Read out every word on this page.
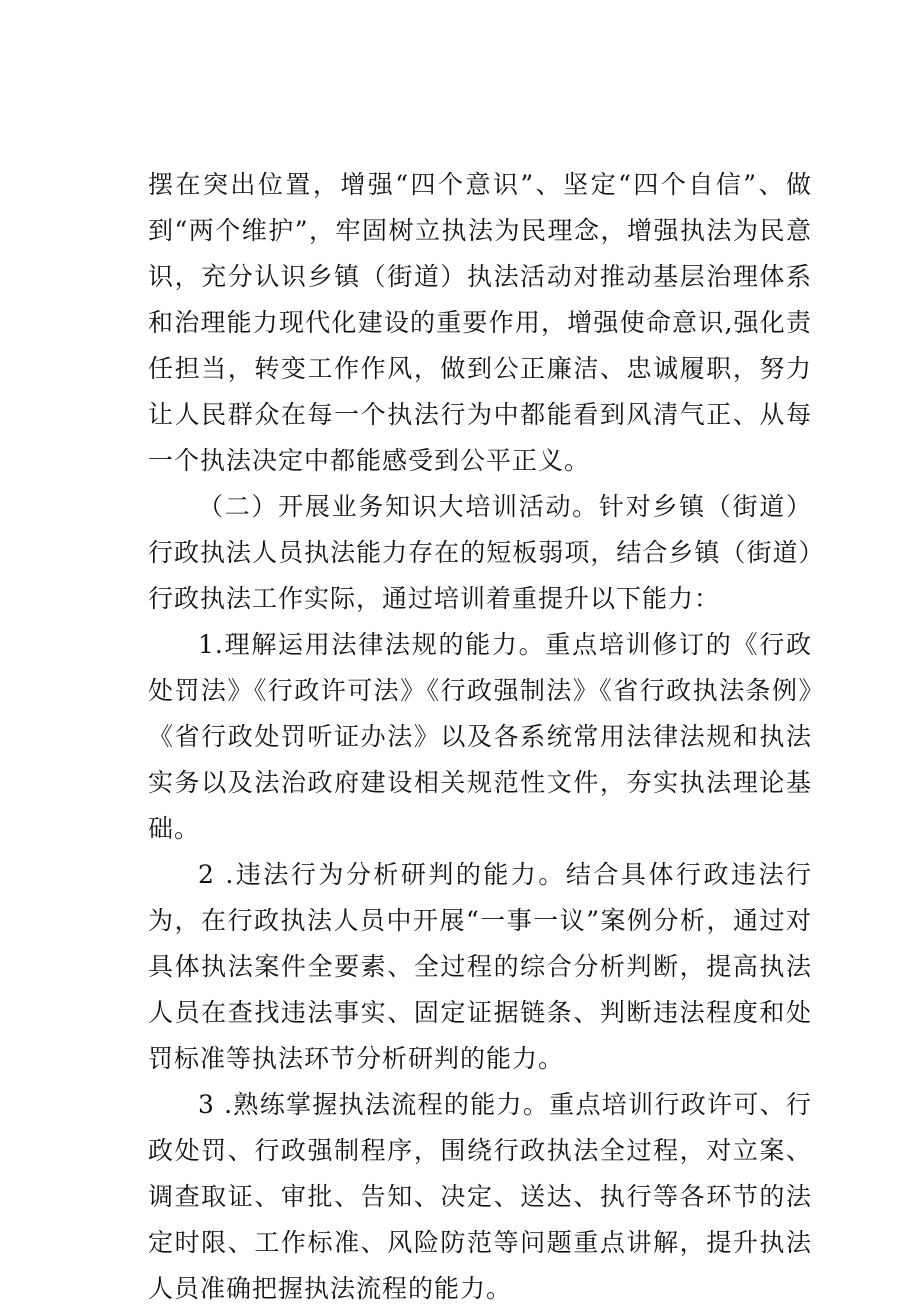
摆在突出位置，增强“四个意识”、坚定“四个自信”、做到“两个维护”，牢固树立执法为民理念，增强执法为民意识，充分认识乡镇（街道）执法活动对推动基层治理体系和治理能力现代化建设的重要作用，增强使命意识,强化责任担当，转变工作作风，做到公正廉洁、忠诚履职，努力让人民群众在每一个执法行为中都能看到风清气正、从每一个执法决定中都能感受到公平正义。

（二）开展业务知识大培训活动。针对乡镇（街道）行政执法人员执法能力存在的短板弱项，结合乡镇（街道）行政执法工作实际，通过培训着重提升以下能力：

1.理解运用法律法规的能力。重点培训修订的《行政处罚法》《行政许可法》《行政强制法》《省行政执法条例》《省行政处罚听证办法》以及各系统常用法律法规和执法实务以及法治政府建设相关规范性文件，夯实执法理论基础。

2 .违法行为分析研判的能力。结合具体行政违法行为，在行政执法人员中开展“一事一议”案例分析，通过对具体执法案件全要素、全过程的综合分析判断，提高执法人员在查找违法事实、固定证据链条、判断违法程度和处罚标准等执法环节分析研判的能力。

3 .熟练掌握执法流程的能力。重点培训行政许可、行政处罚、行政强制程序，围绕行政执法全过程，对立案、调查取证、审批、告知、决定、送达、执行等各环节的法定时限、工作标准、风险防范等问题重点讲解，提升执法人员准确把握执法流程的能力。
